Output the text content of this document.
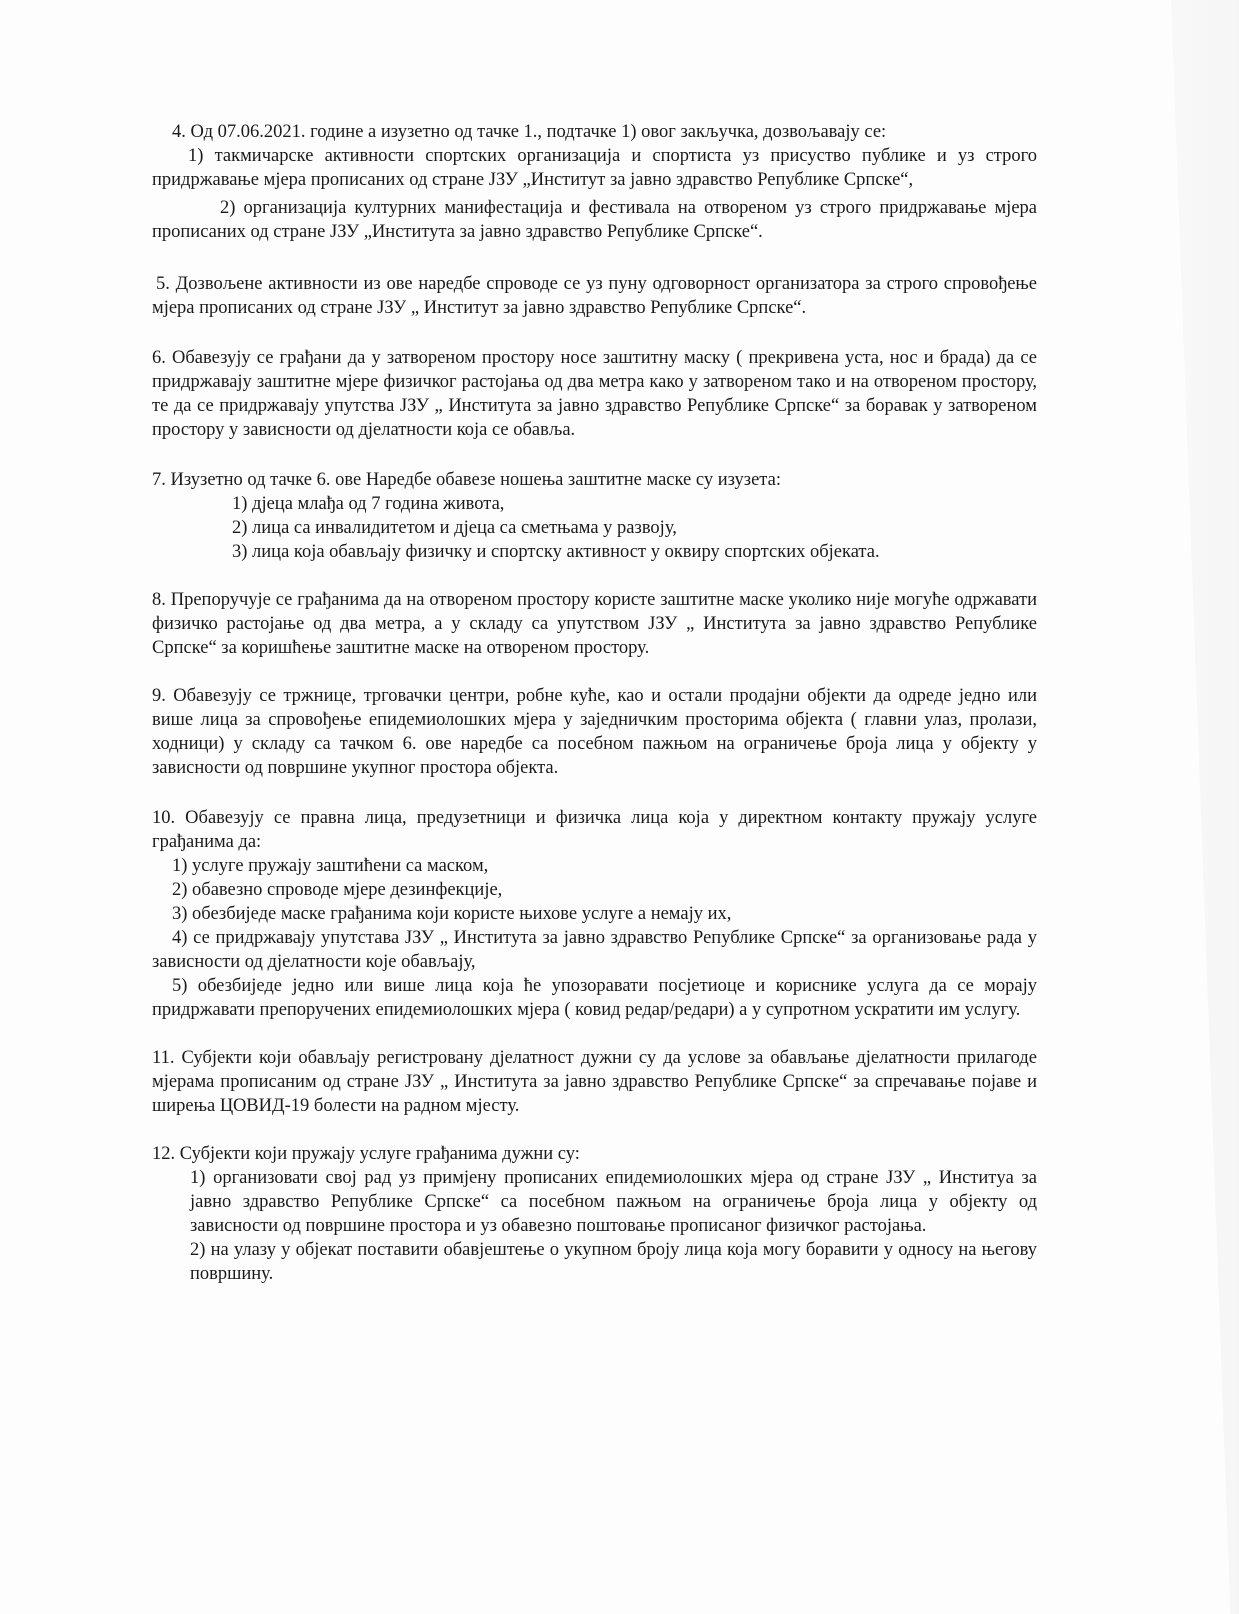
4. Од 07.06.2021. године а изузетно од тачке 1., подтачке 1) овог закључка, дозвољавају се:

1) такмичарске активности спортских организација и спортиста уз присуство публике и уз строго придржавање мјера прописаних од стране ЈЗУ „Институт за јавно здравство Републике Српске“,

2) организација културних манифестација и фестивала на отвореном уз строго придржавање мјера прописаних од стране ЈЗУ „Института за јавно здравство Републике Српске“.

5. Дозвољене активности из ове наредбе спроводе се уз пуну одговорност организатора за строго спровођење мјера прописаних од стране ЈЗУ „ Институт за јавно здравство Републике Српске“.

6. Обавезују се грађани да у затвореном простору носе заштитну маску ( прекривена уста, нос и брада) да се придржавају заштитне мјере физичког растојања од два метра како у затвореном тако и на отвореном простору, те да се придржавају упутства ЈЗУ „ Института за јавно здравство Републике Српске“ за боравак у затвореном простору у зависности од дјелатности која се обавља.

7. Изузетно од тачке 6. ове Наредбе обавезе ношења заштитне маске су изузета:

1) дјеца млађа од 7 година живота,

2) лица са инвалидитетом и дјеца са сметњама у развоју,

3) лица која обављају физичку и спортску активност у оквиру спортских објеката.

8. Препоручује се грађанима да на отвореном простору користе заштитне маске уколико није могуће одржавати физичко растојање од два метра, а у складу са упутством ЈЗУ „ Института за јавно здравство Републике Српске“ за коришћење заштитне маске на отвореном простору.

9. Обавезују се тржнице, трговачки центри, робне куће, као и остали продајни објекти да одреде једно или више лица за спровођење епидемиолошких мјера у заједничким просторима објекта ( главни улаз, пролази, ходници) у складу са тачком 6. ове наредбе са посебном пажњом на ограничење броја лица у објекту у зависности од површине укупног простора објекта.

10. Обавезују се правна лица, предузетници и физичка лица која у директном контакту пружају услуге грађанима да:

1) услуге пружају заштићени са маском,

2) обавезно спроводе мјере дезинфекције,

3) обезбиједе маске грађанима који користе њихове услуге а немају их,

4) се придржавају упутстава ЈЗУ „ Института за јавно здравство Републике Српске“ за организовање рада у зависности од дјелатности које обављају,

5) обезбиједе једно или више лица која ће упозоравати посјетиоце и кориснике услуга да се морају придржавати препоручених епидемиолошких мјера ( ковид редар/редари) а у супротном ускратити им услугу.

11. Субјекти који обављају регистровану дјелатност дужни су да услове за обављање дјелатности прилагоде мјерама прописаним од стране ЈЗУ „ Института за јавно здравство Републике Српске“ за спречавање појаве и ширења ЦОВИД-19 болести на радном мјесту.

12. Субјекти који пружају услуге грађанима дужни су:

1) организовати свој рад уз примјену прописаних епидемиолошких мјера од стране ЈЗУ „ Инститyа за јавно здравство Републике Српске“ са посебном пажњом на ограничење броја лица у објекту од зависности од површине простора и уз обавезно поштовање прописаног физичког растојања.

2) на улазу у објекат поставити обавјештење о укупном броју лица која могу боравити у односу на његову површину.
